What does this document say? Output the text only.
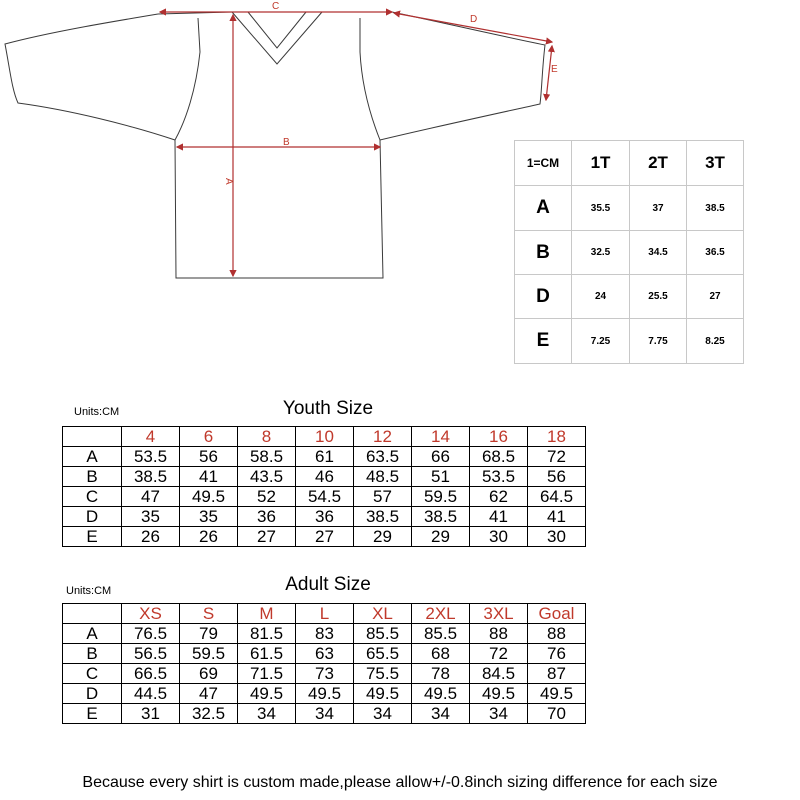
C
D
E
B
A
1=CM	1T	2T	3T
A	35.5	37	38.5
B	32.5	34.5	36.5
D	24	25.5	27
E	7.25	7.75	8.25
Units:CM	Youth Size
	4	6	8	10	12	14	16	18
A	53.5	56	58.5	61	63.5	66	68.5	72
B	38.5	41	43.5	46	48.5	51	53.5	56
C	47	49.5	52	54.5	57	59.5	62	64.5
D	35	35	36	36	38.5	38.5	41	41
E	26	26	27	27	29	29	30	30
Units:CM	Adult Size
	XS	S	M	L	XL	2XL	3XL	Goal
A	76.5	79	81.5	83	85.5	85.5	88	88
B	56.5	59.5	61.5	63	65.5	68	72	76
C	66.5	69	71.5	73	75.5	78	84.5	87
D	44.5	47	49.5	49.5	49.5	49.5	49.5	49.5
E	31	32.5	34	34	34	34	34	70
Because every shirt is custom made,please allow+/-0.8inch sizing difference for each size
